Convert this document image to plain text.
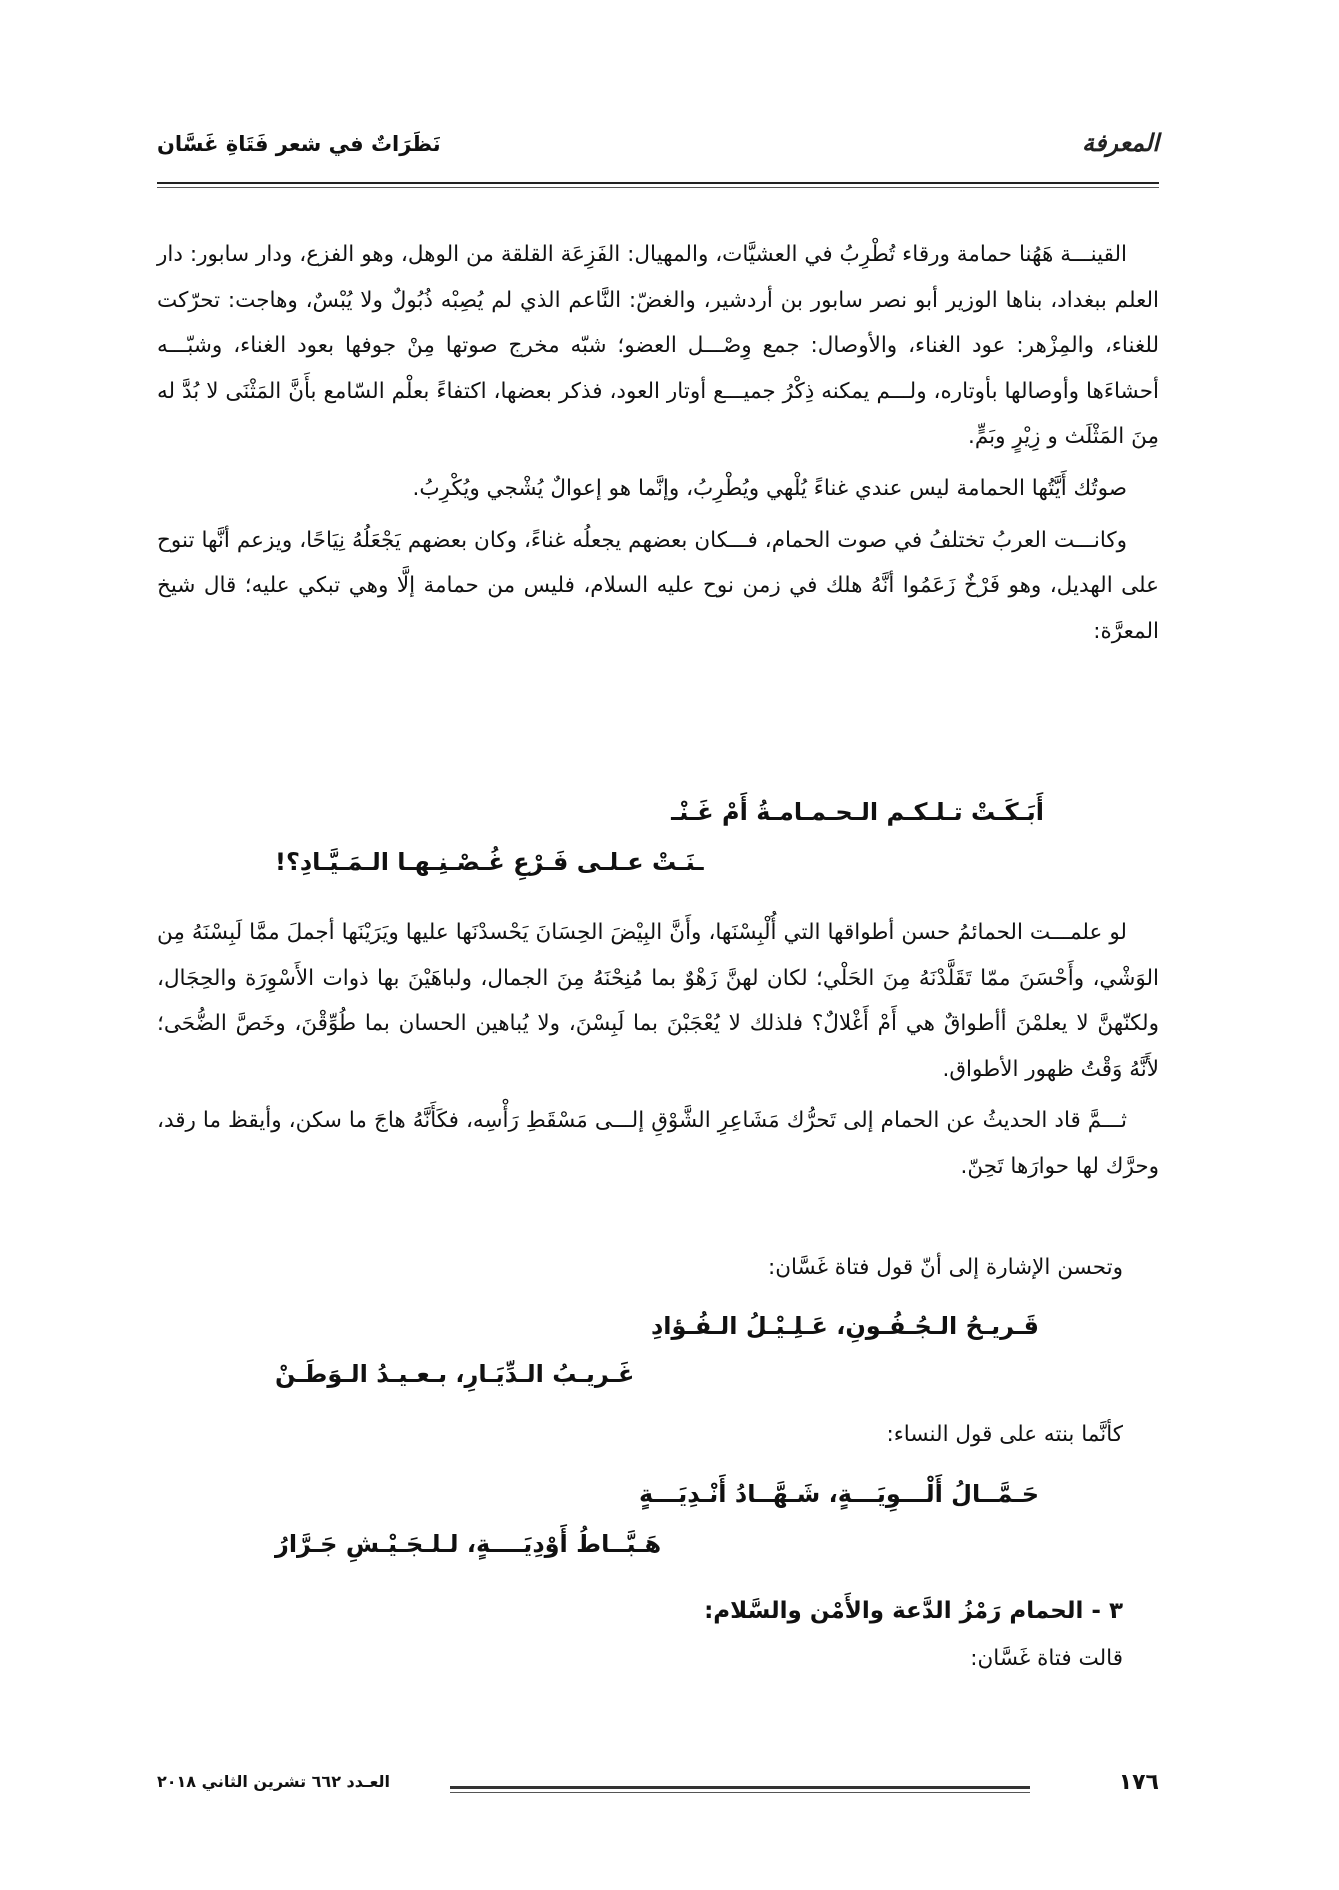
المعرفة
نَظَرَاتٌ في شعر فَتَاةِ غَسَّان

القينـــة هَهُنا حمامة ورقاء تُطْرِبُ في العشيَّات، والمهيال: الفَزِعَة القلقة من الوهل، وهو الفزع، ودار سابور: دار العلم ببغداد، بناها الوزير أبو نصر سابور بن أردشير، والغضّ: النَّاعم الذي لم يُصِبْه ذُبُولٌ ولا يُبْسٌ، وهاجت: تحرّكت للغناء، والمِزْهر: عود الغناء، والأوصال: جمع وِصْـــل العضو؛ شبّه مخرج صوتها مِنْ جوفها بعود الغناء، وشبّـــه أحشاءَها وأوصالها بأوتاره، ولـــم يمكنه ذِكْرُ جميـــع أوتار العود، فذكر بعضها، اكتفاءً بعلْم السّامع بأَنَّ المَثْنَى لا بُدَّ له مِنَ المَثْلَث و زِيْرٍ وبَمٍّ.

صوتُك أَيَّتُها الحمامة ليس عندي غناءً يُلْهي ويُطْرِبُ، وإنَّما هو إعوالٌ يُشْجي ويُكْرِبُ.

وكانـــت العربُ تختلفُ في صوت الحمام، فـــكان بعضهم يجعلُه غناءً، وكان بعضهم يَجْعَلُهُ نِيَاحًا، ويزعم أنَّها تنوح على الهديل، وهو فَرْخٌ زَعَمُوا أنَّهُ هلك في زمن نوح عليه السلام، فليس من حمامة إلَّا وهي تبكي عليه؛ قال شيخ المعرَّة:

أَبَـكَـتْ تـلـكـم الـحـمـامـةُ أَمْ غَـنْـ
ـنَـتْ عـلـى فَـرْعِ غُـصْـنِـهـا الـمَـيَّـادِ؟!

لو علمـــت الحمائمُ حسن أطواقها التي أُلْبِسْنَها، وأَنَّ البِيْضَ الحِسَانَ يَحْسدْنَها عليها ويَرَيْنَها أجملَ ممَّا لَبِسْنَهُ مِن الوَشْي، وأَحْسَنَ ممّا تَقَلَّدْنَهُ مِنَ الحَلْي؛ لكان لهنَّ زَهْوٌ بما مُنِحْنَهُ مِنَ الجمال، ولباهَيْنَ بها ذوات الأَسْوِرَة والحِجَال، ولكنّهنَّ لا يعلمْنَ أأطواقٌ هي أَمْ أَغْلالٌ؟ فلذلك لا يُعْجَبْنَ بما لَبِسْنَ، ولا يُباهين الحسان بما طُوِّقْنَ، وخَصَّ الضُّحَى؛ لأَنَّهُ وَقْتُ ظهور الأطواق.

ثـــمَّ قاد الحديثُ عن الحمام إلى تَحرُّك مَشَاعِرِ الشَّوْقِ إلـــى مَسْقَطِ رَأْسِه، فكَأَنَّهُ هاجَ ما سكن، وأيقظ ما رقد، وحرَّك لها حوارَها تَحِنّ.

وتحسن الإشارة إلى أنّ قول فتاة غَسَّان:
قَـريـحُ الـجُـفُـونِ، عَـلِـيْـلُ الـفُـؤادِ
غَـريـبُ الـدِّيَـارِ، بـعـيـدُ الـوَطَـنْ
كأنَّما بنته على قول النساء:
حَـمَّــالُ أَلْـــوِيَـــةٍ، شَـهَّــادُ أَنْـدِيَـــةٍ
هَـبَّــاطُ أَوْدِيَــــةٍ، لـلـجَـيْـشِ جَـرَّارُ
٣ - الحمام رَمْزُ الدَّعة والأَمْن والسَّلام:
قالت فتاة غَسَّان:
١٧٦
العـدد ٦٦٢ تشرين الثاني ٢٠١٨
